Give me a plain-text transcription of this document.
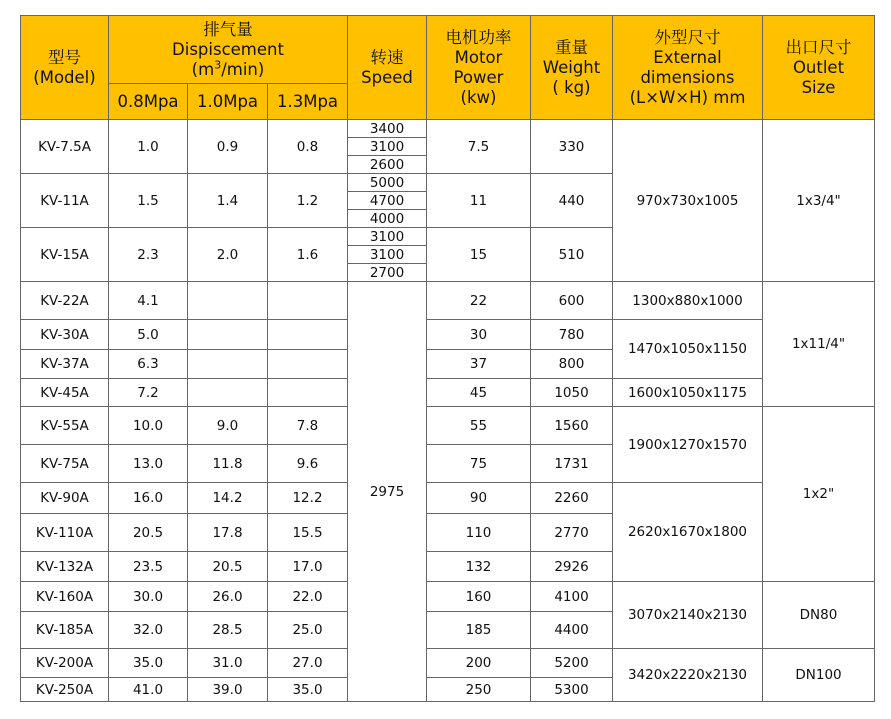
型号
(Model)	排气量
Dispiscement
$(m^3/\min)$			转速
Speed	电机功率
Motor
Power
(kw)	重量
Weight
( kg)	外型尺寸
External
dimensions
(L×W×H) mm	出口尺寸
Outlet
Size

	0.8Mpa	1.0Mpa	1.3Mpa					
KV-7.5A	1.0	0.9	0.8	3400	7.5	330	970x730x1005	1x3/4"
				3100				
				2600				
KV-11A	1.5	1.4	1.2	5000	11	440		
				4700				
				4000				
KV-15A	2.3	2.0	1.6	3100	15	510		
				3100				
				2700				
KV-22A	4.1			2975	22	600	1300x880x1000	1x11/4"
KV-30A	5.0				30	780	1470x1050x1150	
KV-37A	6.3				37	800		
KV-45A	7.2				45	1050	1600x1050x1175	
KV-55A	10.0	9.0	7.8		55	1560	1900x1270x1570	1x2"
KV-75A	13.0	11.8	9.6		75	1731		
KV-90A	16.0	14.2	12.2		90	2260	2620x1670x1800	
KV-110A	20.5	17.8	15.5		110	2770		
KV-132A	23.5	20.5	17.0		132	2926		
KV-160A	30.0	26.0	22.0		160	4100	3070x2140x2130	DN80
KV-185A	32.0	28.5	25.0		185	4400		
KV-200A	35.0	31.0	27.0		200	5200	3420x2220x2130	DN100
KV-250A	41.0	39.0	35.0		250	5300		
